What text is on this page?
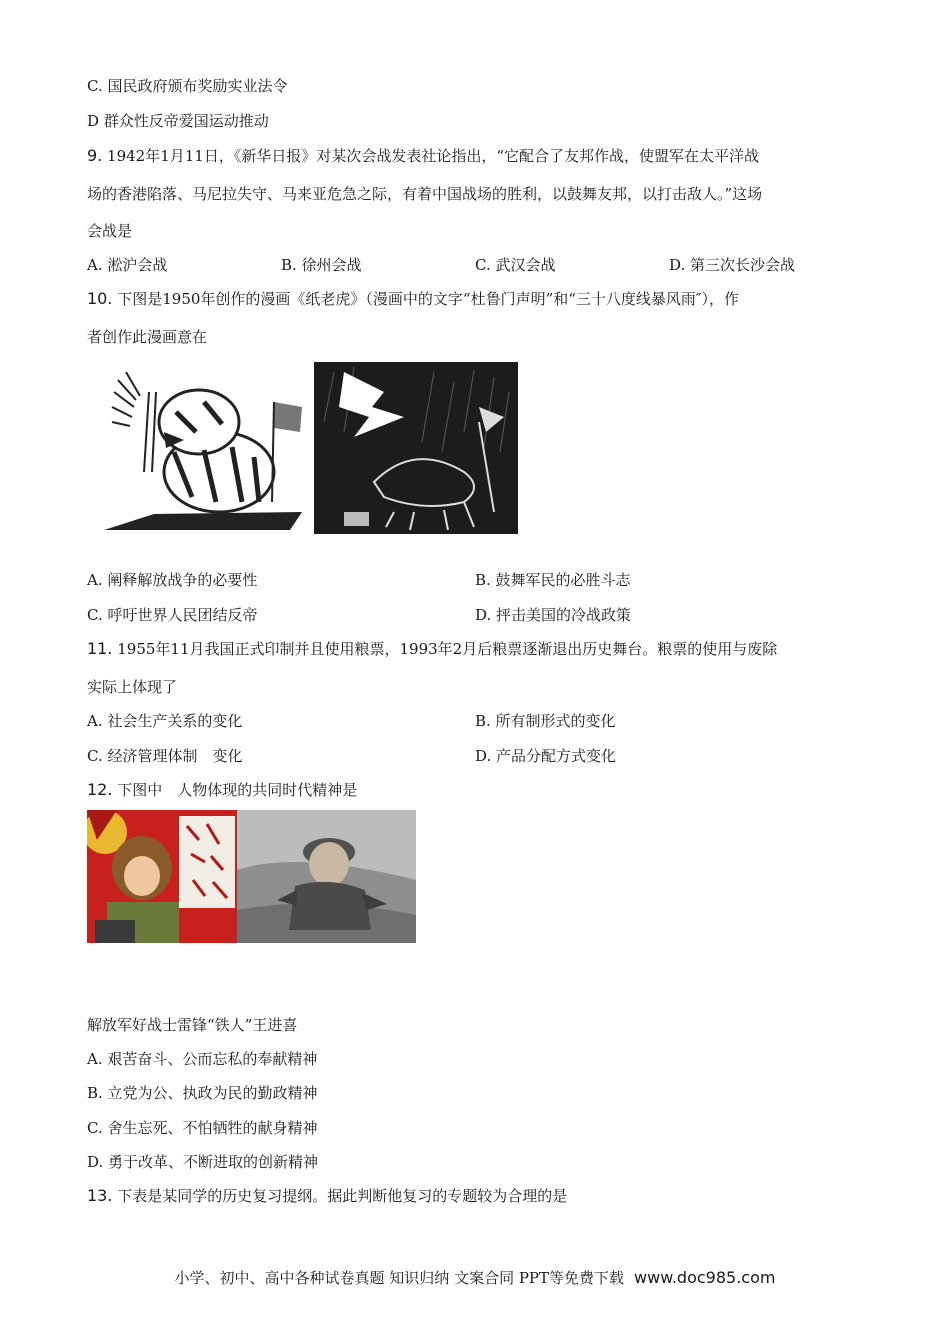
C. 国民政府颁布奖励实业法令
D 群众性反帝爱国运动推动
9. 1942年1月11日，《新华日报》对某次会战发表社论指出，“它配合了友邦作战，使盟军在太平洋战
场的香港陷落、马尼拉失守、马来亚危急之际，有着中国战场的胜利，以鼓舞友邦，以打击敌人。”这场
会战是
A. 淞沪会战	B. 徐州会战	C. 武汉会战	D. 第三次长沙会战
10. 下图是1950年创作的漫画《纸老虎》（漫画中的文字“杜鲁门声明”和“三十八度线暴风雨″），作
者创作此漫画意在
A. 阐释解放战争的必要性	B. 鼓舞军民的必胜斗志
C. 呼吁世界人民团结反帝	D. 抨击美国的冷战政策
11. 1955年11月我国正式印制并且使用粮票，1993年2月后粮票逐渐退出历史舞台。粮票的使用与废除
实际上体现了
A. 社会生产关系的变化	B. 所有制形式的变化
C. 经济管理体制　变化	D. 产品分配方式变化
12. 下图中　人物体现的共同时代精神是
解放军好战士雷锋“铁人”王进喜
A. 艰苦奋斗、公而忘私的奉献精神
B. 立党为公、执政为民的勤政精神
C. 舍生忘死、不怕牺牲的献身精神
D. 勇于改革、不断进取的创新精神
13. 下表是某同学的历史复习提纲。据此判断他复习的专题较为合理的是
小学、初中、高中各种试卷真题 知识归纳 文案合同 PPT等免费下载 www.doc985.com
